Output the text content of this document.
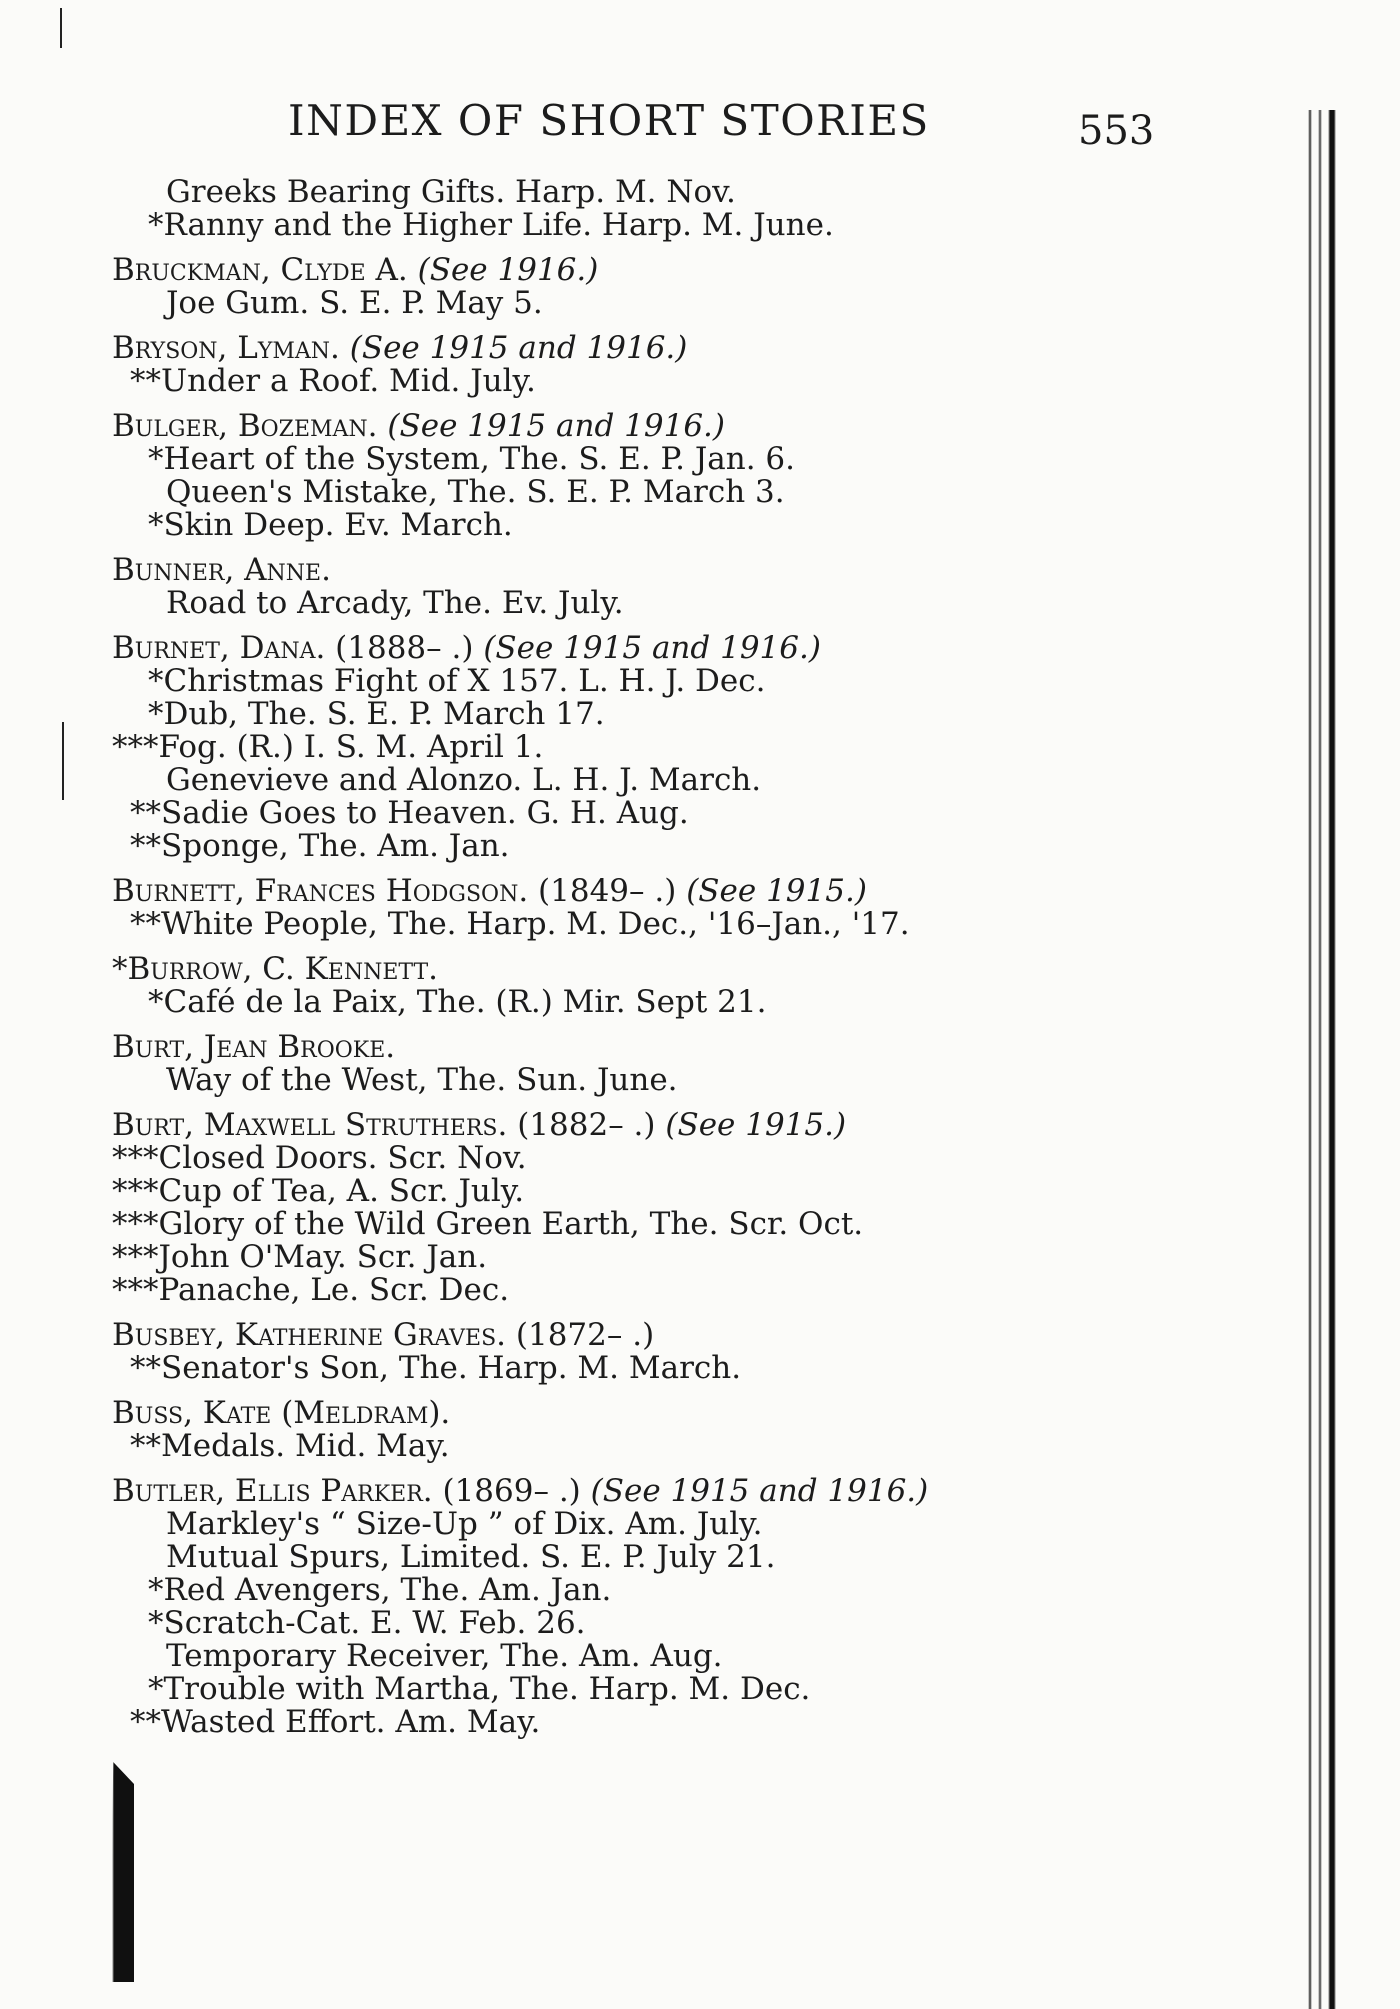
INDEX OF SHORT STORIES	553
Greeks Bearing Gifts. Harp. M. Nov.
*Ranny and the Higher Life. Harp. M. June.
Bruckman, Clyde A. (See 1916.)
Joe Gum. S. E. P. May 5.
Bryson, Lyman. (See 1915 and 1916.)
**Under a Roof. Mid. July.
Bulger, Bozeman. (See 1915 and 1916.)
*Heart of the System, The. S. E. P. Jan. 6.
Queen's Mistake, The. S. E. P. March 3.
*Skin Deep. Ev. March.
Bunner, Anne.
Road to Arcady, The. Ev. July.
Burnet, Dana. (1888– .) (See 1915 and 1916.)
*Christmas Fight of X 157. L. H. J. Dec.
*Dub, The. S. E. P. March 17.
***Fog. (R.) I. S. M. April 1.
Genevieve and Alonzo. L. H. J. March.
**Sadie Goes to Heaven. G. H. Aug.
**Sponge, The. Am. Jan.
Burnett, Frances Hodgson. (1849– .) (See 1915.)
**White People, The. Harp. M. Dec., '16–Jan., '17.
*Burrow, C. Kennett.
*Café de la Paix, The. (R.) Mir. Sept 21.
Burt, Jean Brooke.
Way of the West, The. Sun. June.
Burt, Maxwell Struthers. (1882– .) (See 1915.)
***Closed Doors. Scr. Nov.
***Cup of Tea, A. Scr. July.
***Glory of the Wild Green Earth, The. Scr. Oct.
***John O'May. Scr. Jan.
***Panache, Le. Scr. Dec.
Busbey, Katherine Graves. (1872– .)
**Senator's Son, The. Harp. M. March.
Buss, Kate (Meldram).
**Medals. Mid. May.
Butler, Ellis Parker. (1869– .) (See 1915 and 1916.)
Markley's “ Size-Up ” of Dix. Am. July.
Mutual Spurs, Limited. S. E. P. July 21.
*Red Avengers, The. Am. Jan.
*Scratch-Cat. E. W. Feb. 26.
Temporary Receiver, The. Am. Aug.
*Trouble with Martha, The. Harp. M. Dec.
**Wasted Effort. Am. May.
